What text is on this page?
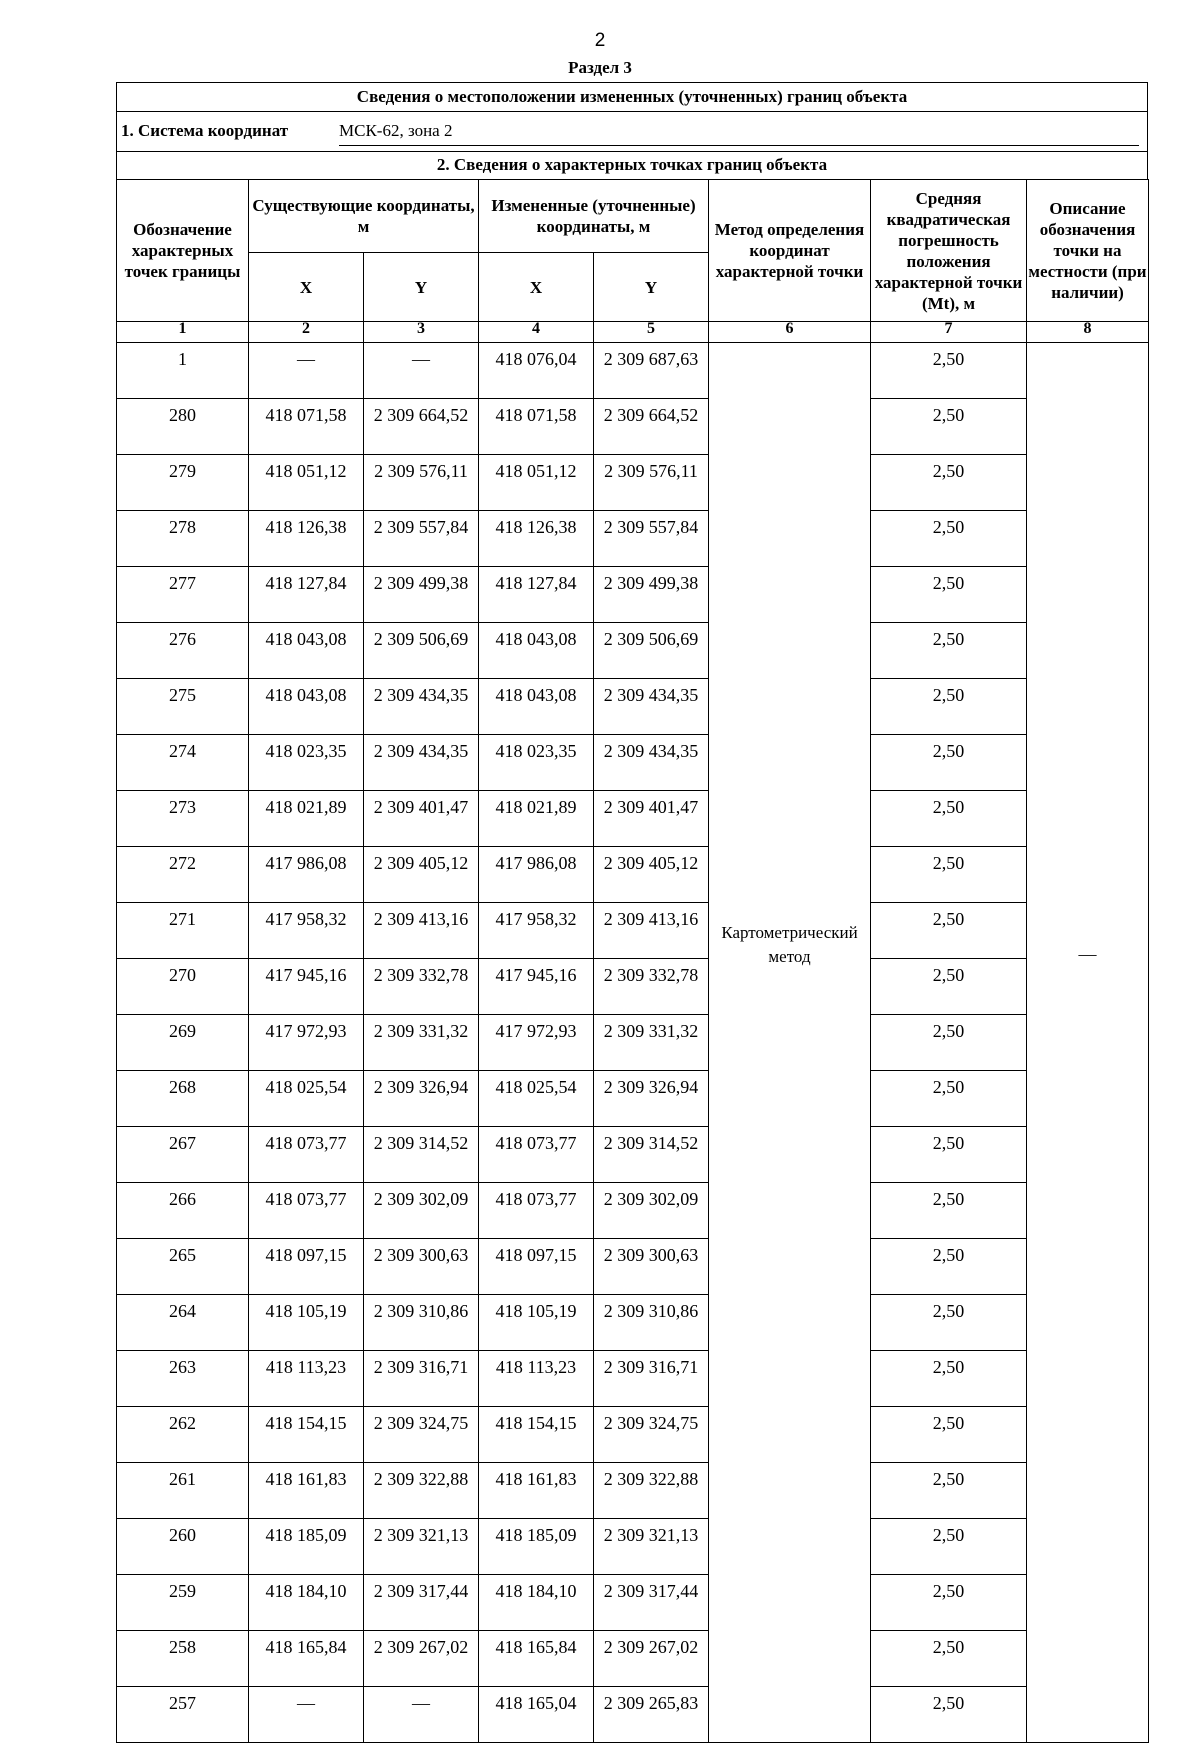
2
Раздел 3
Сведения о местоположении измененных (уточненных) границ объекта
1. Система координат	МСК-62, зона 2
2. Сведения о характерных точках границ объекта
Обозначение характерных точек границы	Существующие координаты, м		Измененные (уточненные) координаты, м		Метод определения координат характерной точки	Средняя квадратическая погрешность положения характерной точки (Mt), м	Описание обозначения точки на местности (при наличии)
	X	Y	X	Y			
1	2	3	4	5	6	7	8
1	—	—	418 076,04	2 309 687,63	Картометрический метод	2,50	—

280	418 071,58	2 309 664,52	418 071,58	2 309 664,52		2,50	
279	418 051,12	2 309 576,11	418 051,12	2 309 576,11		2,50	
278	418 126,38	2 309 557,84	418 126,38	2 309 557,84		2,50	
277	418 127,84	2 309 499,38	418 127,84	2 309 499,38		2,50	
276	418 043,08	2 309 506,69	418 043,08	2 309 506,69		2,50	
275	418 043,08	2 309 434,35	418 043,08	2 309 434,35		2,50	
274	418 023,35	2 309 434,35	418 023,35	2 309 434,35		2,50	
273	418 021,89	2 309 401,47	418 021,89	2 309 401,47		2,50	
272	417 986,08	2 309 405,12	417 986,08	2 309 405,12		2,50	
271	417 958,32	2 309 413,16	417 958,32	2 309 413,16		2,50	
270	417 945,16	2 309 332,78	417 945,16	2 309 332,78		2,50	
269	417 972,93	2 309 331,32	417 972,93	2 309 331,32		2,50	
268	418 025,54	2 309 326,94	418 025,54	2 309 326,94		2,50	
267	418 073,77	2 309 314,52	418 073,77	2 309 314,52		2,50	
266	418 073,77	2 309 302,09	418 073,77	2 309 302,09		2,50	
265	418 097,15	2 309 300,63	418 097,15	2 309 300,63		2,50	
264	418 105,19	2 309 310,86	418 105,19	2 309 310,86		2,50	
263	418 113,23	2 309 316,71	418 113,23	2 309 316,71		2,50	
262	418 154,15	2 309 324,75	418 154,15	2 309 324,75		2,50	
261	418 161,83	2 309 322,88	418 161,83	2 309 322,88		2,50	
260	418 185,09	2 309 321,13	418 185,09	2 309 321,13		2,50	
259	418 184,10	2 309 317,44	418 184,10	2 309 317,44		2,50	
258	418 165,84	2 309 267,02	418 165,84	2 309 267,02		2,50	
257	—	—	418 165,04	2 309 265,83		2,50	
